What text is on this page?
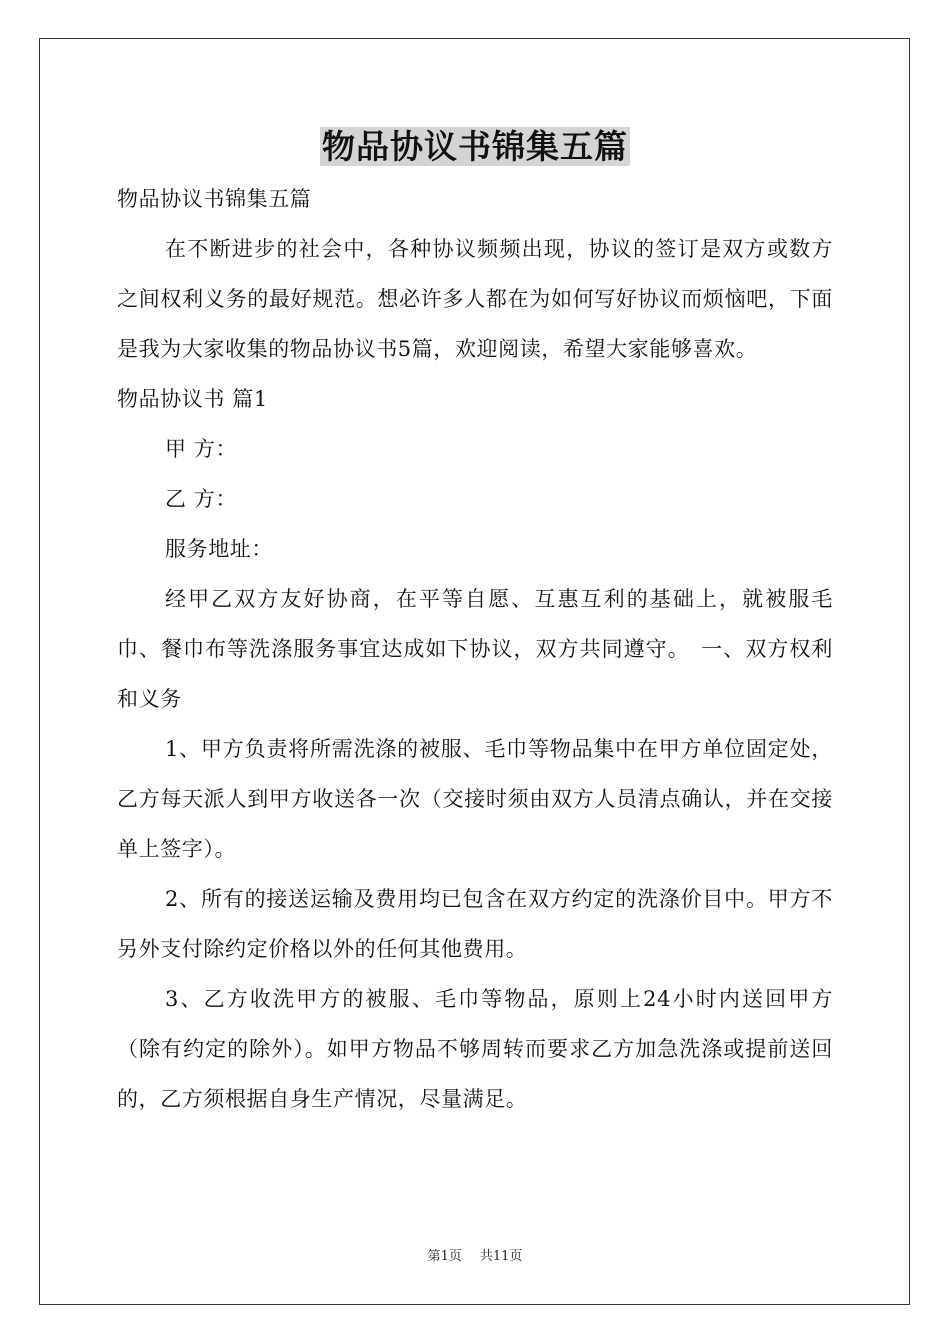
物品协议书锦集五篇

物品协议书锦集五篇

在不断进步的社会中，各种协议频频出现，协议的签订是双方或数方之间权利义务的最好规范。想必许多人都在为如何写好协议而烦恼吧，下面是我为大家收集的物品协议书5篇，欢迎阅读，希望大家能够喜欢。

物品协议书 篇1

甲 方：

乙 方：

服务地址：

经甲乙双方友好协商，在平等自愿、互惠互利的基础上，就被服毛巾、餐巾布等洗涤服务事宜达成如下协议，双方共同遵守。　一、双方权利和义务

1、甲方负责将所需洗涤的被服、毛巾等物品集中在甲方单位固定处，乙方每天派人到甲方收送各一次（交接时须由双方人员清点确认，并在交接单上签字）。

2、所有的接送运输及费用均已包含在双方约定的洗涤价目中。甲方不另外支付除约定价格以外的任何其他费用。

3、乙方收洗甲方的被服、毛巾等物品，原则上24小时内送回甲方（除有约定的除外）。如甲方物品不够周转而要求乙方加急洗涤或提前送回的，乙方须根据自身生产情况，尽量满足。

第1页 共11页
